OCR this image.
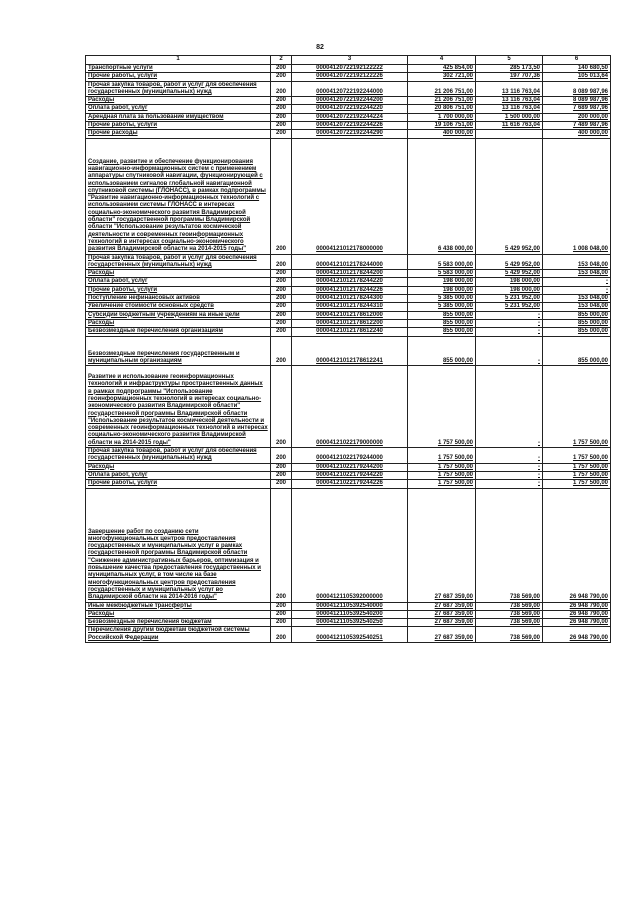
82
1	2	3	4	5	6
Транспортные услуги	200	00004120722192122222	425 854,00	285 173,50	140 680,50
Прочие работы, услуги	200	00004120722192122226	302 721,00	197 707,36	105 013,64
Прочая закупка товаров, работ и услуг для обеспечения государственных (муниципальных) нужд	200	00004120722192244000	21 206 751,00	13 116 763,04	8 089 987,96
Расходы	200	00004120722192244200	21 206 751,00	13 116 763,04	8 089 987,96
Оплата работ, услуг	200	00004120722192244220	20 806 751,00	13 116 763,04	7 689 987,96
Арендная плата за пользование имуществом	200	00004120722192244224	1 700 000,00	1 500 000,00	200 000,00
Прочие работы, услуги	200	00004120722192244226	19 106 751,00	11 616 763,04	7 489 987,96
Прочие расходы	200	00004120722192244290	400 000,00		400 000,00
Создание, развитие и обеспечение функционирования навигационно-информационных систем с применением аппаратуры спутниковой навигации, функционирующей с использованием сигналов глобальной навигационной спутниковой системы (ГЛОНАСС), в рамках подпрограммы "Развитие навигационно-информационных технологий с использованием системы ГЛОНАСС в интересах социально-экономического развития Владимирской области" государственной программы Владимирской области "Использование результатов космической деятельности и современных геоинформационных технологий в интересах социально-экономического развития Владимирской области на 2014-2015 годы"	200	00004121012178000000	6 438 000,00	5 429 952,00	1 008 048,00
Прочая закупка товаров, работ и услуг для обеспечения государственных (муниципальных) нужд	200	00004121012178244000	5 583 000,00	5 429 952,00	153 048,00
Расходы	200	00004121012178244200	5 583 000,00	5 429 952,00	153 048,00
Оплата работ, услуг	200	00004121012178244220	198 000,00	198 000,00	-
Прочие работы, услуги	200	00004121012178244226	198 000,00	198 000,00	-
Поступление нефинансовых активов	200	00004121012178244300	5 385 000,00	5 231 952,00	153 048,00
Увеличение стоимости основных средств	200	00004121012178244310	5 385 000,00	5 231 952,00	153 048,00
Субсидии бюджетным учреждениям на иные цели	200	00004121012178612000	855 000,00	-	855 000,00
Расходы	200	00004121012178612200	855 000,00	-	855 000,00
Безвозмездные перечисления организациям	200	00004121012178612240	855 000,00	-	855 000,00
Безвозмездные перечисления государственным и муниципальным организациям	200	00004121012178612241	855 000,00	-	855 000,00
Развитие и использование геоинформационных технологий и инфраструктуры пространственных данных в рамках подпрограммы "Использование геоинформационных технологий в интересах социально-экономического развития Владимирской области" государственной программы Владимирской области "Использование результатов космической деятельности и современных геоинформационных технологий в интересах социально-экономического развития Владимирской области на 2014-2015 годы"	200	00004121022179000000	1 757 500,00	-	1 757 500,00
Прочая закупка товаров, работ и услуг для обеспечения государственных (муниципальных) нужд	200	00004121022179244000	1 757 500,00	-	1 757 500,00
Расходы	200	00004121022179244200	1 757 500,00	-	1 757 500,00
Оплата работ, услуг	200	00004121022179244220	1 757 500,00	-	1 757 500,00
Прочие работы, услуги	200	00004121022179244226	1 757 500,00	-	1 757 500,00
Завершение работ по созданию сети многофункциональных центров предоставления государственных и муниципальных услуг в рамках государственной программы Владимирской области "Снижение административных барьеров, оптимизация и повышение качества предоставления государственных и муниципальных услуг, в том числе на базе многофункциональных центров предоставления государственных и муниципальных услуг во Владимирской области на 2014-2016 годы"	200	00004121105392000000	27 687 359,00	738 569,00	26 948 790,00
Иные межбюджетные трансферты	200	00004121105392540000	27 687 359,00	738 569,00	26 948 790,00
Расходы	200	00004121105392540200	27 687 359,00	738 569,00	26 948 790,00
Безвозмездные перечисления бюджетам	200	00004121105392540250	27 687 359,00	738 569,00	26 948 790,00
Перечисления другим бюджетам бюджетной системы Российской Федерации	200	00004121105392540251	27 687 359,00	738 569,00	26 948 790,00
